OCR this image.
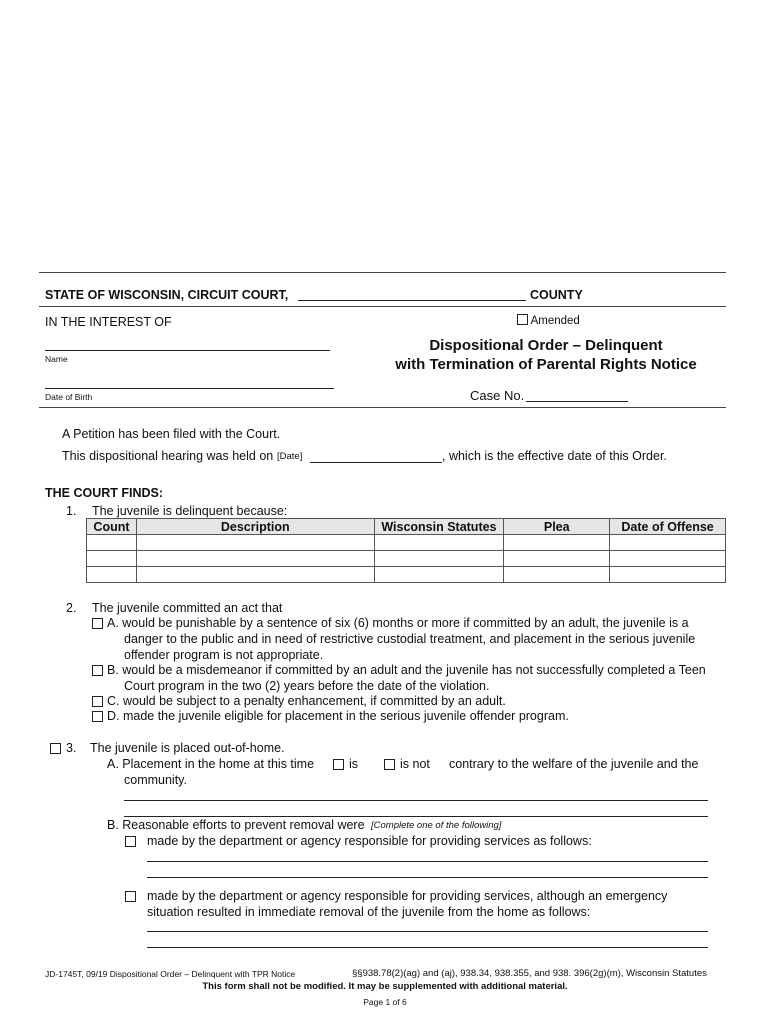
STATE OF WISCONSIN, CIRCUIT COURT,	COUNTY
IN THE INTEREST OF	Amended
Dispositional Order – Delinquent
with Termination of Parental Rights Notice
Name
Date of Birth	Case No.
A Petition has been filed with the Court.
This dispositional hearing was held on [Date]	, which is the effective date of this Order.
THE COURT FINDS:
1. The juvenile is delinquent because:
Count	Description	Wisconsin Statutes	Plea	Date of Offense

2. The juvenile committed an act that
A. would be punishable by a sentence of six (6) months or more if committed by an adult, the juvenile is a
danger to the public and in need of restrictive custodial treatment, and placement in the serious juvenile
offender program is not appropriate.
B. would be a misdemeanor if committed by an adult and the juvenile has not successfully completed a Teen
Court program in the two (2) years before the date of the violation.
C. would be subject to a penalty enhancement, if committed by an adult.
D. made the juvenile eligible for placement in the serious juvenile offender program.
3. The juvenile is placed out-of-home.
A. Placement in the home at this time	is	is not contrary to the welfare of the juvenile and the
community.
B. Reasonable efforts to prevent removal were [Complete one of the following]
made by the department or agency responsible for providing services as follows:
made by the department or agency responsible for providing services, although an emergency
situation resulted in immediate removal of the juvenile from the home as follows:
JD-1745T, 09/19 Dispositional Order – Delinquent with TPR Notice	§§938.78(2)(ag) and (aj), 938.34, 938.355, and 938. 396(2g)(m), Wisconsin Statutes
This form shall not be modified. It may be supplemented with additional material.
Page 1 of 6
